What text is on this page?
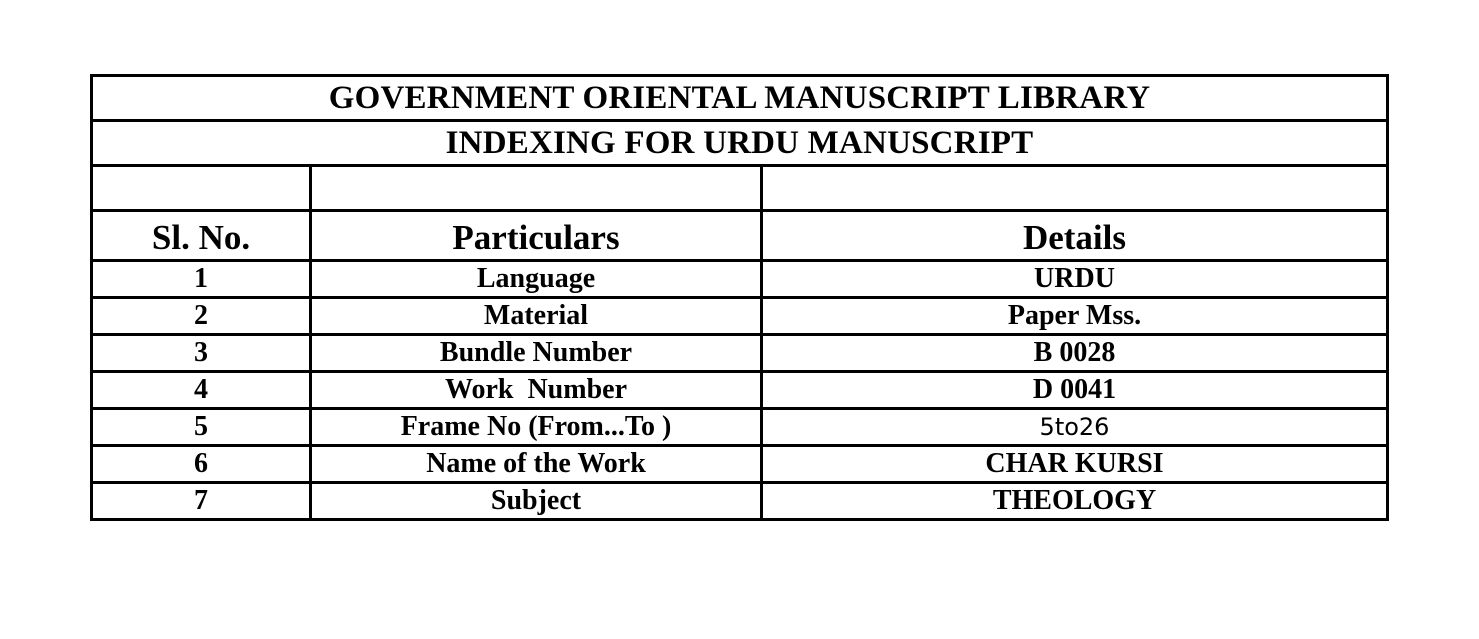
GOVERNMENT ORIENTAL MANUSCRIPT LIBRARY		
INDEXING FOR URDU MANUSCRIPT		

Sl. No.	Particulars	Details
1	Language	URDU
2	Material	Paper Mss.
3	Bundle Number	B 0028
4	Work  Number	D 0041
5	Frame No (From...To )	5to26
6	Name of the Work	CHAR KURSI
7	Subject	THEOLOGY
